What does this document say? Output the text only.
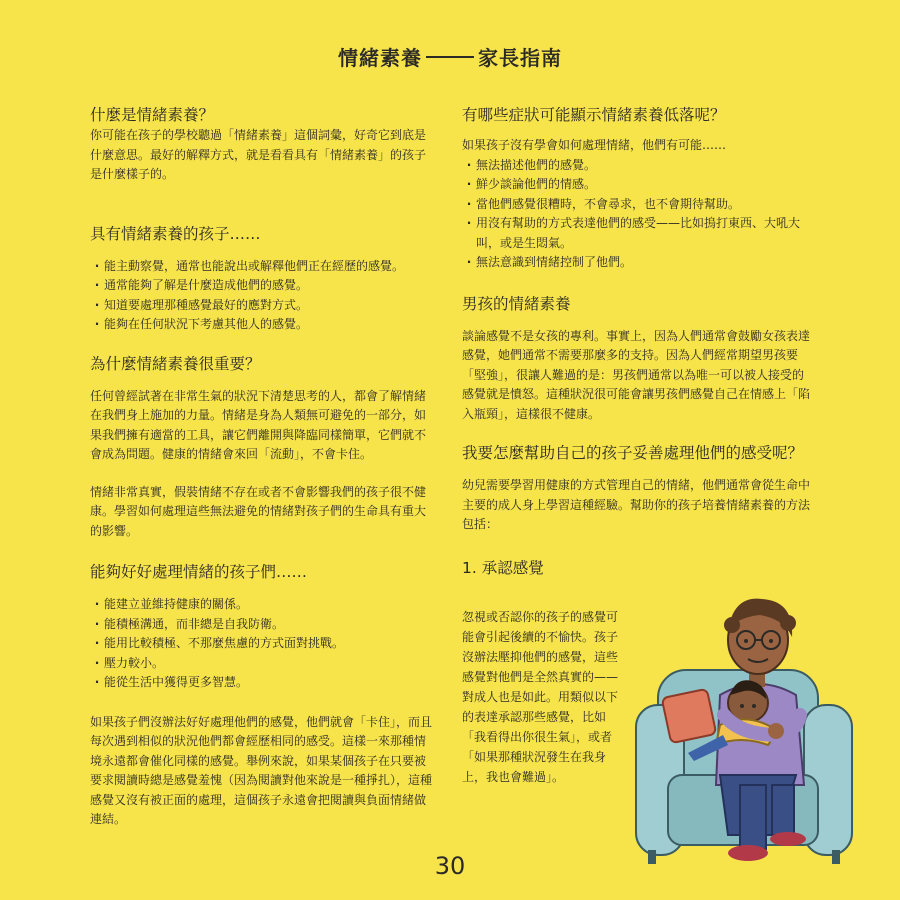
情緒素養	家長指南
什麼是情緒素養？

你可能在孩子的學校聽過「情緒素養」這個詞彙，好奇它到底是什麼意思。最好的解釋方式，就是看看具有「情緒素養」的孩子是什麼樣子的。

具有情緒素養的孩子……
· 能主動察覺，通常也能說出或解釋他們正在經歷的感覺。
· 通常能夠了解是什麼造成他們的感覺。
· 知道要處理那種感覺最好的應對方式。
· 能夠在任何狀況下考慮其他人的感覺。
為什麼情緒素養很重要？

任何曾經試著在非常生氣的狀況下清楚思考的人，都會了解情緒在我們身上施加的力量。情緒是身為人類無可避免的一部分，如果我們擁有適當的工具，讓它們離開與降臨同樣簡單，它們就不會成為問題。健康的情緒會來回「流動」，不會卡住。

情緒非常真實，假裝情緒不存在或者不會影響我們的孩子很不健康。學習如何處理這些無法避免的情緒對孩子們的生命具有重大的影響。

能夠好好處理情緒的孩子們……
· 能建立並維持健康的關係。
· 能積極溝通，而非總是自我防衛。
· 能用比較積極、不那麼焦慮的方式面對挑戰。
· 壓力較小。
· 能從生活中獲得更多智慧。

如果孩子們沒辦法好好處理他們的感覺，他們就會「卡住」，而且每次遇到相似的狀況他們都會經歷相同的感受。這樣一來那種情境永遠都會催化同樣的感覺。舉例來說，如果某個孩子在只要被要求閱讀時總是感覺羞愧（因為閱讀對他來說是一種掙扎），這種感覺又沒有被正面的處理，這個孩子永遠會把閱讀與負面情緒做連結。

有哪些症狀可能顯示情緒素養低落呢？

如果孩子沒有學會如何處理情緒，他們有可能……

· 無法描述他們的感覺。
· 鮮少談論他們的情感。
· 當他們感覺很糟時，不會尋求，也不會期待幫助。
· 用沒有幫助的方式表達他們的感受——比如摀打東西、大吼大叫，或是生悶氣。
· 無法意識到情緒控制了他們。
男孩的情緒素養

談論感覺不是女孩的專利。事實上，因為人們通常會鼓勵女孩表達感覺，她們通常不需要那麼多的支持。因為人們經常期望男孩要「堅強」，很讓人難過的是：男孩們通常以為唯一可以被人接受的感覺就是憤怒。這種狀況很可能會讓男孩們感覺自己在情感上「陷入瓶頸」，這樣很不健康。

我要怎麼幫助自己的孩子妥善處理他們的感受呢？

幼兒需要學習用健康的方式管理自己的情緒，他們通常會從生命中主要的成人身上學習這種經驗。幫助你的孩子培養情緒素養的方法包括：

1. 承認感覺

忽視或否認你的孩子的感覺可能會引起後續的不愉快。孩子沒辦法壓抑他們的感覺，這些感覺對他們是全然真實的——對成人也是如此。用類似以下的表達承認那些感覺，比如「我看得出你很生氣」，或者「如果那種狀況發生在我身上，我也會難過」。

30
